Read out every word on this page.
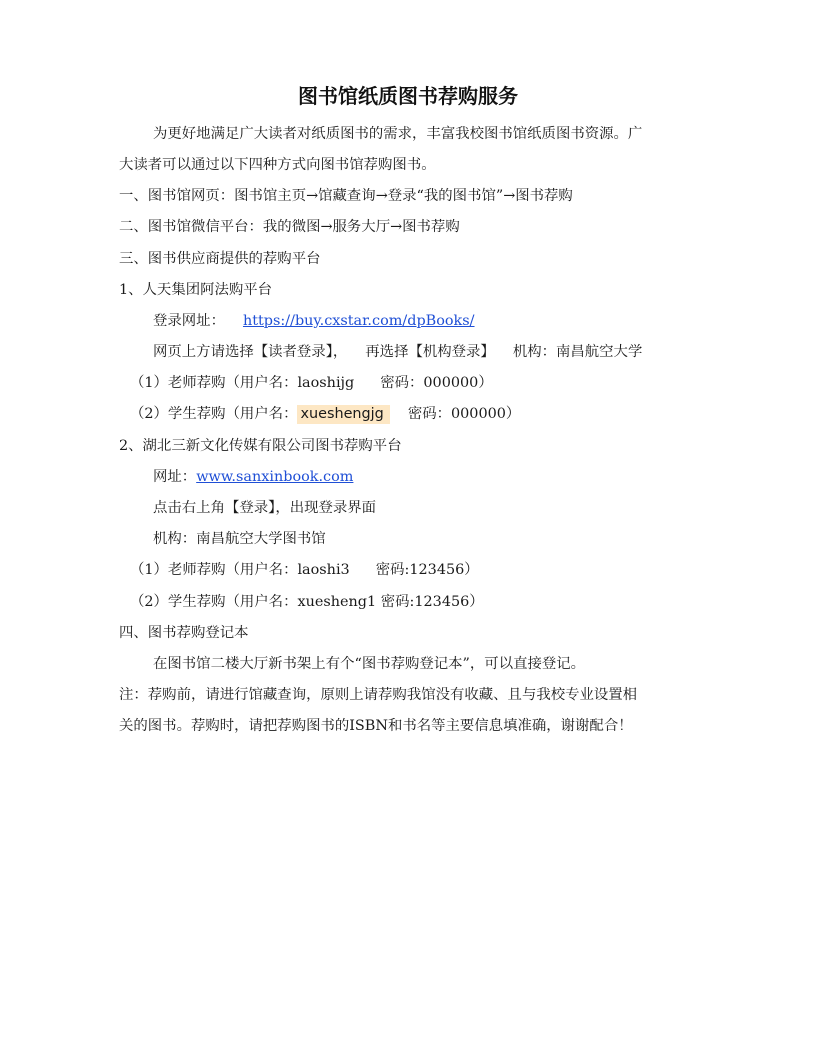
图书馆纸质图书荐购服务
为更好地满足广大读者对纸质图书的需求，丰富我校图书馆纸质图书资源。广
大读者可以通过以下四种方式向图书馆荐购图书。
一、图书馆网页：图书馆主页→馆藏查询→登录“我的图书馆”→图书荐购
二、图书馆微信平台：我的微图→服务大厅→图书荐购
三、图书供应商提供的荐购平台
1、人天集团阿法购平台
登录网址： https://buy.cxstar.com/dpBooks/
网页上方请选择【读者登录】， 再选择【机构登录】 机构：南昌航空大学
（1）老师荐购（用户名：laoshijg 密码：000000）
（2）学生荐购（用户名： xueshengjg 密码：000000）
2、湖北三新文化传媒有限公司图书荐购平台
网址：www.sanxinbook.com
点击右上角【登录】，出现登录界面
机构：南昌航空大学图书馆
（1）老师荐购（用户名：laoshi3 密码:123456）
（2）学生荐购（用户名：xuesheng1 密码:123456）
四、图书荐购登记本
在图书馆二楼大厅新书架上有个“图书荐购登记本”，可以直接登记。
注：荐购前，请进行馆藏查询，原则上请荐购我馆没有收藏、且与我校专业设置相
关的图书。荐购时，请把荐购图书的ISBN和书名等主要信息填准确，谢谢配合！
